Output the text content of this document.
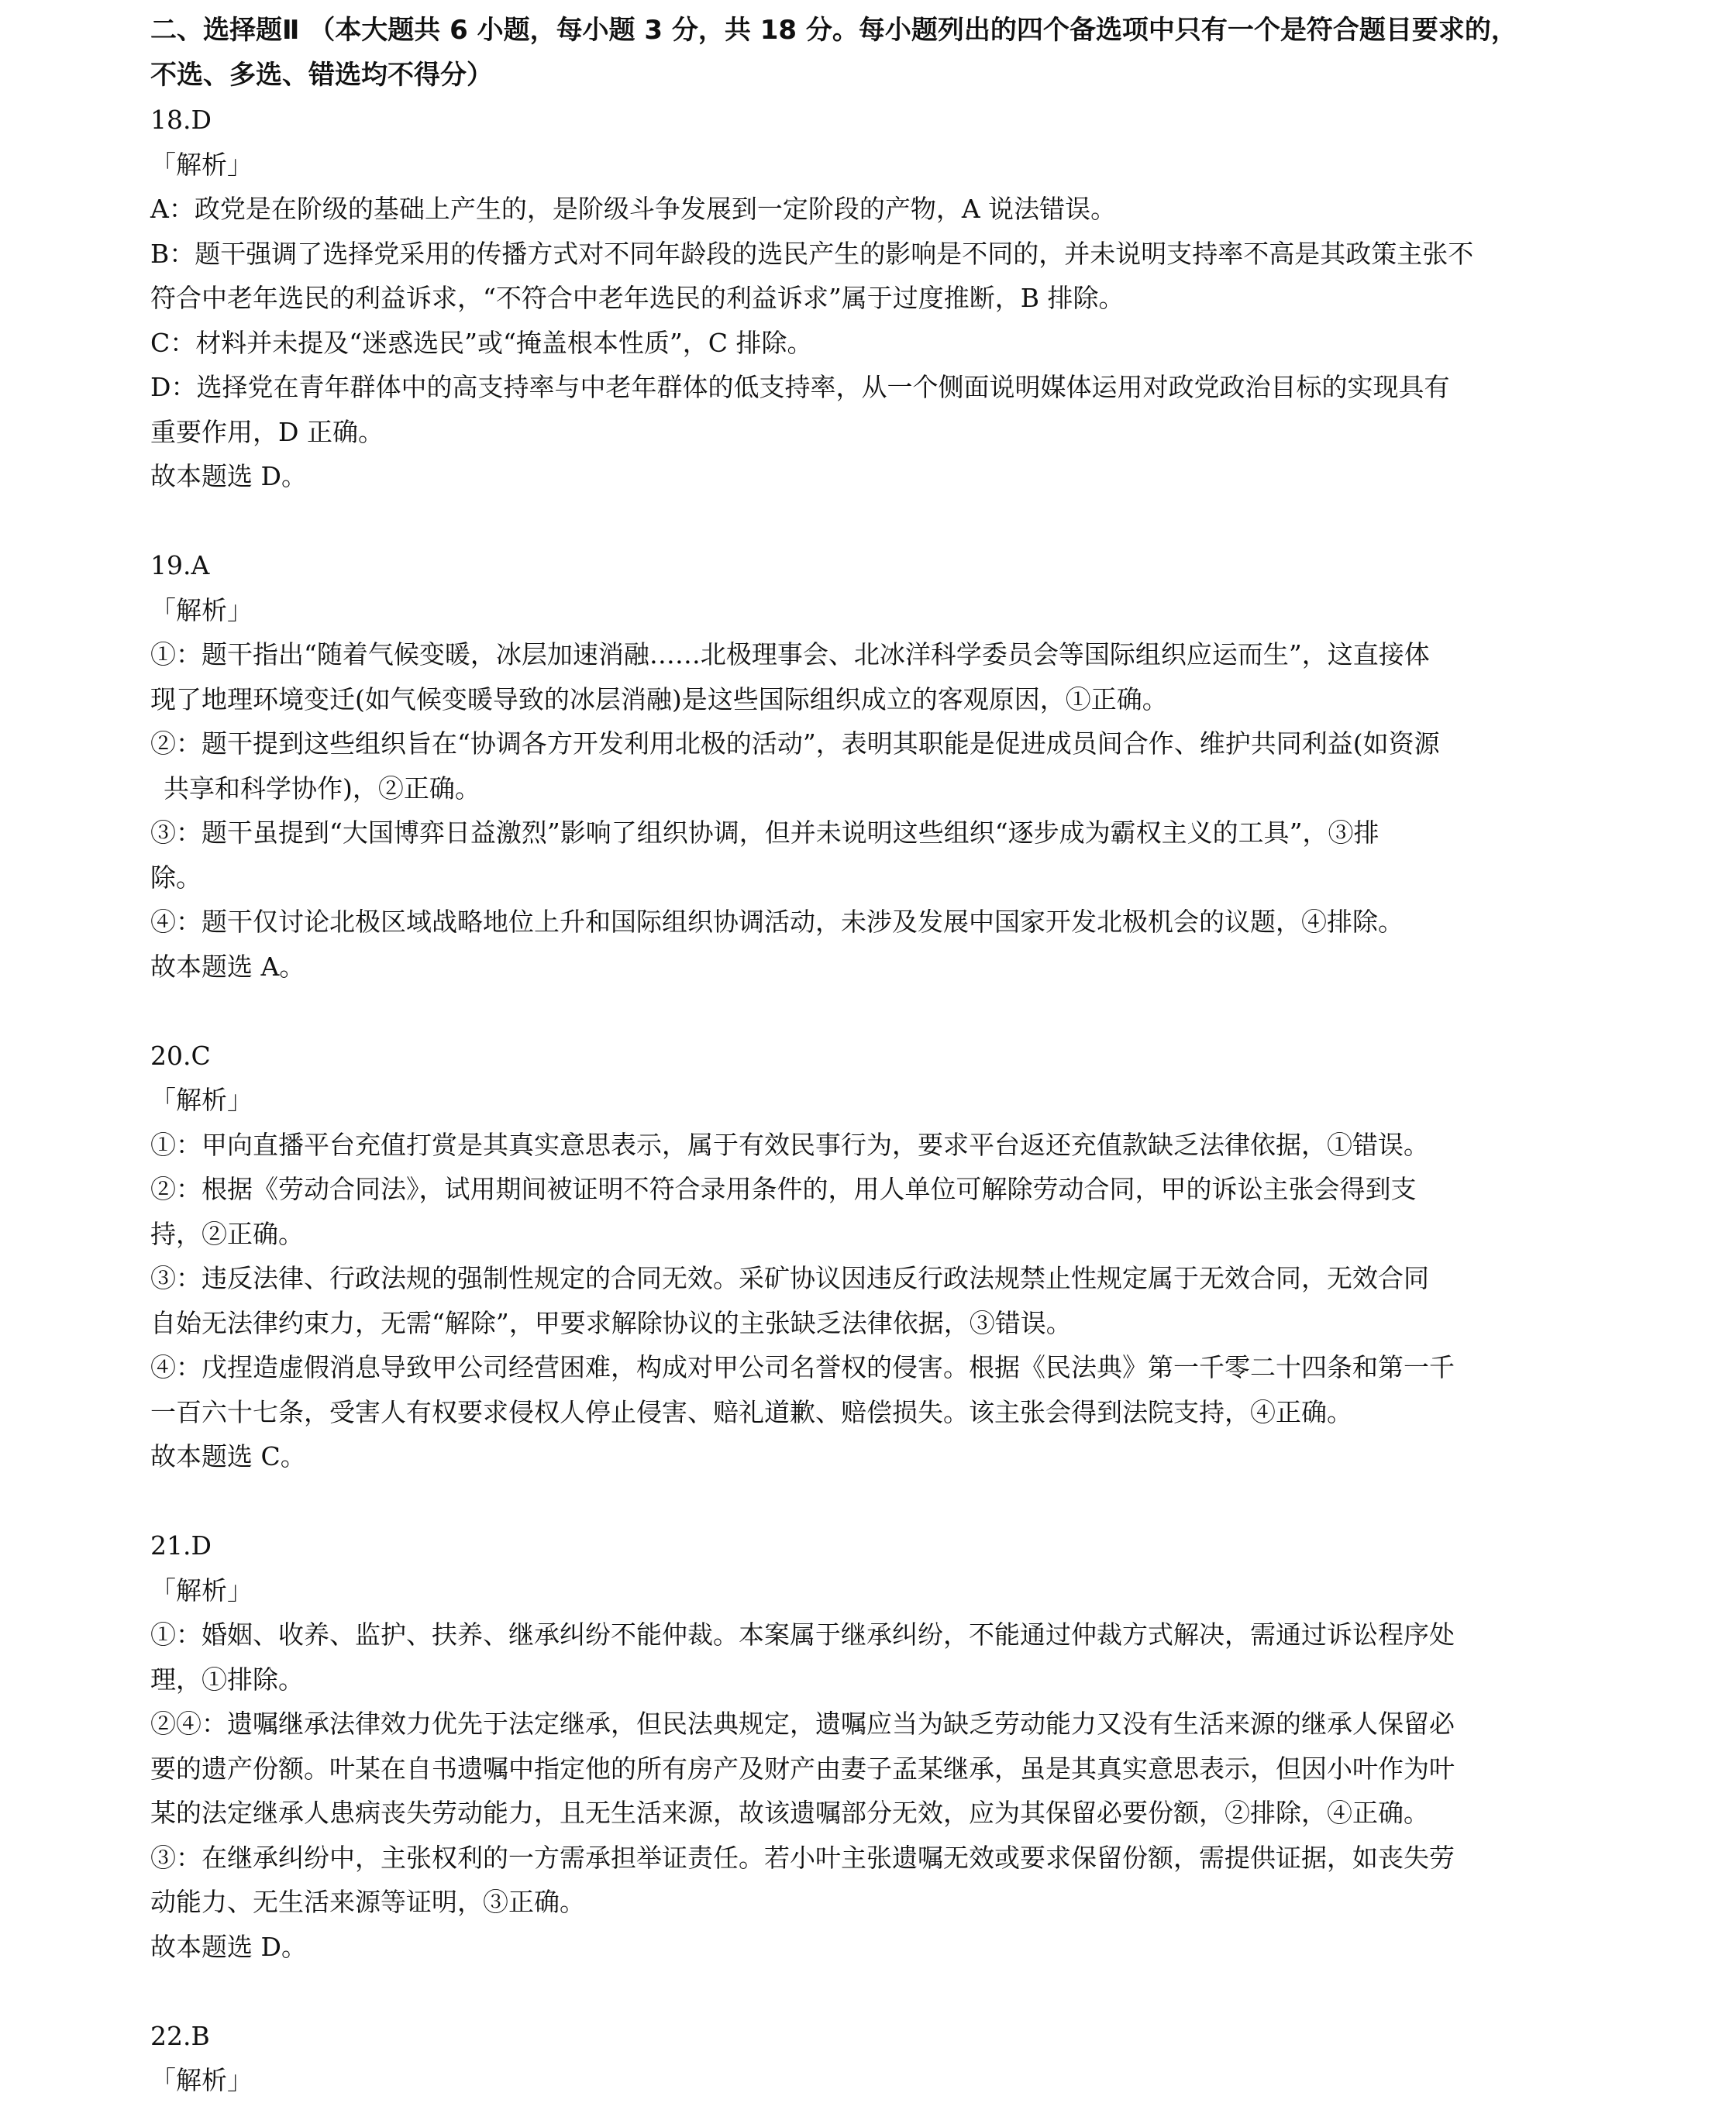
二、选择题Ⅱ （本大题共 6 小题，每小题 3 分，共 18 分。每小题列出的四个备选项中只有一个是符合题目要求的，

不选、多选、错选均不得分）

18.D

「解析」

A：政党是在阶级的基础上产生的，是阶级斗争发展到一定阶段的产物，A 说法错误。

B：题干强调了选择党采用的传播方式对不同年龄段的选民产生的影响是不同的，并未说明支持率不高是其政策主张不

符合中老年选民的利益诉求，“不符合中老年选民的利益诉求”属于过度推断，B 排除。

C：材料并未提及“迷惑选民”或“掩盖根本性质”，C 排除。

D：选择党在青年群体中的高支持率与中老年群体的低支持率，从一个侧面说明媒体运用对政党政治目标的实现具有

重要作用，D 正确。

故本题选 D。

19.A

「解析」

①：题干指出“随着气候变暖，冰层加速消融……北极理事会、北冰洋科学委员会等国际组织应运而生”，这直接体

现了地理环境变迁(如气候变暖导致的冰层消融)是这些国际组织成立的客观原因，①正确。

②：题干提到这些组织旨在“协调各方开发利用北极的活动”，表明其职能是促进成员间合作、维护共同利益(如资源

共享和科学协作)，②正确。

③：题干虽提到“大国博弈日益激烈”影响了组织协调，但并未说明这些组织“逐步成为霸权主义的工具”，③排

除。

④：题干仅讨论北极区域战略地位上升和国际组织协调活动，未涉及发展中国家开发北极机会的议题，④排除。

故本题选 A。

20.C

「解析」

①：甲向直播平台充值打赏是其真实意思表示，属于有效民事行为，要求平台返还充值款缺乏法律依据，①错误。

②：根据《劳动合同法》，试用期间被证明不符合录用条件的，用人单位可解除劳动合同，甲的诉讼主张会得到支

持，②正确。

③：违反法律、行政法规的强制性规定的合同无效。采矿协议因违反行政法规禁止性规定属于无效合同，无效合同

自始无法律约束力，无需“解除”，甲要求解除协议的主张缺乏法律依据，③错误。

④：戊捏造虚假消息导致甲公司经营困难，构成对甲公司名誉权的侵害。根据《民法典》第一千零二十四条和第一千

一百六十七条，受害人有权要求侵权人停止侵害、赔礼道歉、赔偿损失。该主张会得到法院支持，④正确。

故本题选 C。

21.D

「解析」

①：婚姻、收养、监护、扶养、继承纠纷不能仲裁。本案属于继承纠纷，不能通过仲裁方式解决，需通过诉讼程序处

理，①排除。

②④：遗嘱继承法律效力优先于法定继承，但民法典规定，遗嘱应当为缺乏劳动能力又没有生活来源的继承人保留必

要的遗产份额。叶某在自书遗嘱中指定他的所有房产及财产由妻子孟某继承，虽是其真实意思表示，但因小叶作为叶

某的法定继承人患病丧失劳动能力，且无生活来源，故该遗嘱部分无效，应为其保留必要份额，②排除，④正确。

③：在继承纠纷中，主张权利的一方需承担举证责任。若小叶主张遗嘱无效或要求保留份额，需提供证据，如丧失劳

动能力、无生活来源等证明，③正确。

故本题选 D。

22.B

「解析」
